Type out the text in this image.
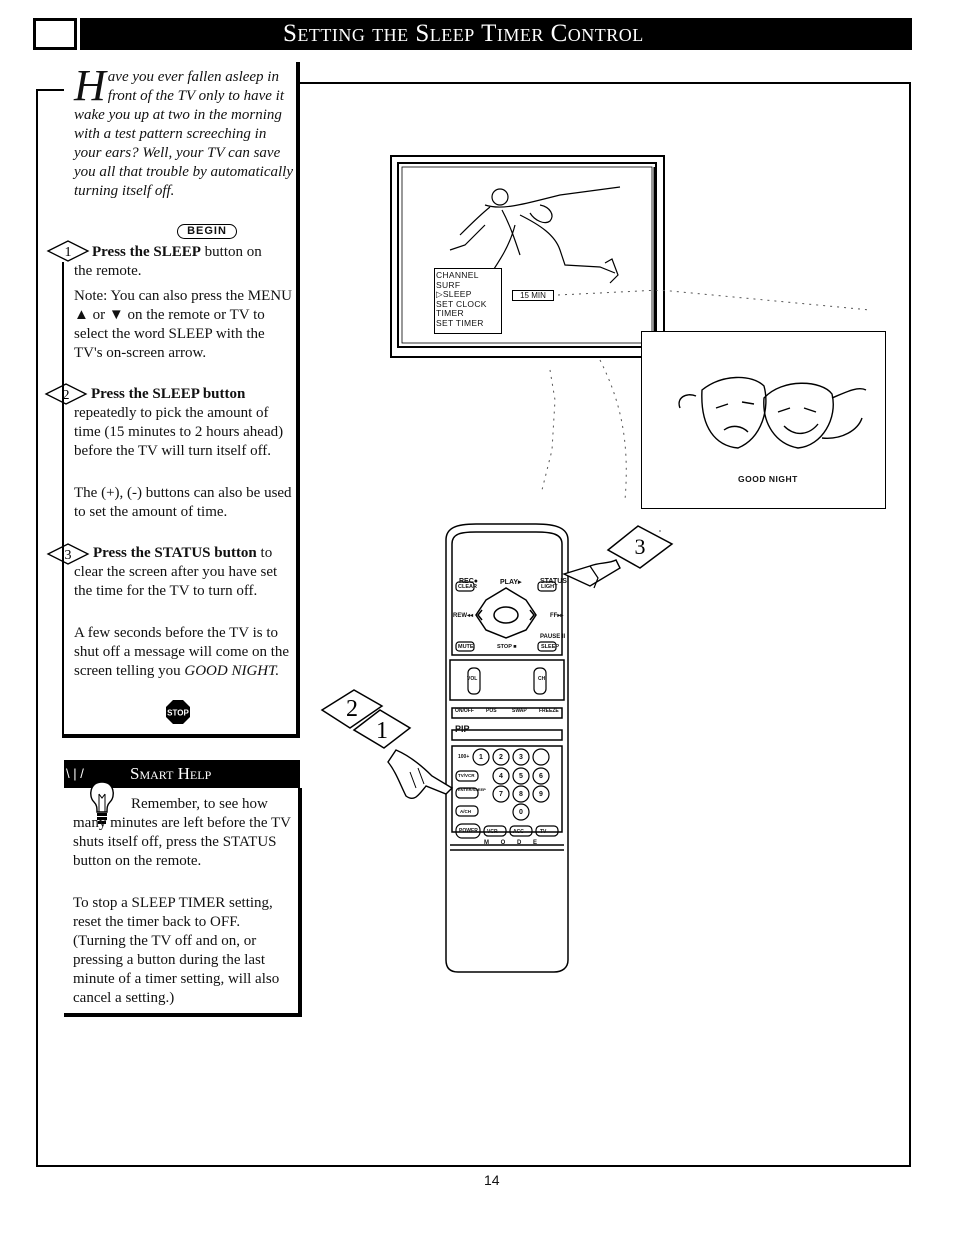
Setting the Sleep Timer Control
Have you ever fallen asleep in front of the TV only to have it wake you up at two in the morning with a test pattern screeching in your ears? Well, your TV can save you all that trouble by automatically turning itself off.
BEGIN
1 Press the SLEEP button on
the remote.
Note: You can also press the MENU ▲ or ▼ on the remote or TV to select the word SLEEP with the TV's on-screen arrow.
2 Press the SLEEP button
repeatedly to pick the amount of time (15 minutes to 2 hours ahead) before the TV will turn itself off.
The (+), (-) buttons can also be used to set the amount of time.
3 Press the STATUS button to
clear the screen after you have set the time for the TV to turn off.
A few seconds before the TV is to shut off a message will come on the screen telling you GOOD NIGHT.
STOP
Smart Help
\ | /
Remember, to see how many minutes are left before the TV shuts itself off, press the STATUS button on the remote.
To stop a SLEEP TIMER setting, reset the timer back to OFF. (Turning the TV off and on, or pressing a button during the last minute of a timer setting, will also cancel a setting.)
CHANNEL
SURF
▷SLEEP
SET CLOCK
TIMER
SET TIMER
15 MIN
GOOD NIGHT
REC●	PLAY▸	STATUS
CLEAR	LIGHT
REW◂◂	FF▸▸
PAUSE II
MUTE	STOP ■	SLEEP
VOL	CH
ON/OFF POS	SWAP FREEZE
PIP
100+ 1 2 3
TV/VCR	4 5 6
ENTER/SLEEP
7 8 9
A/CH	0
POWER VCR	ACC	TV
M O D E
3
2
1
14
